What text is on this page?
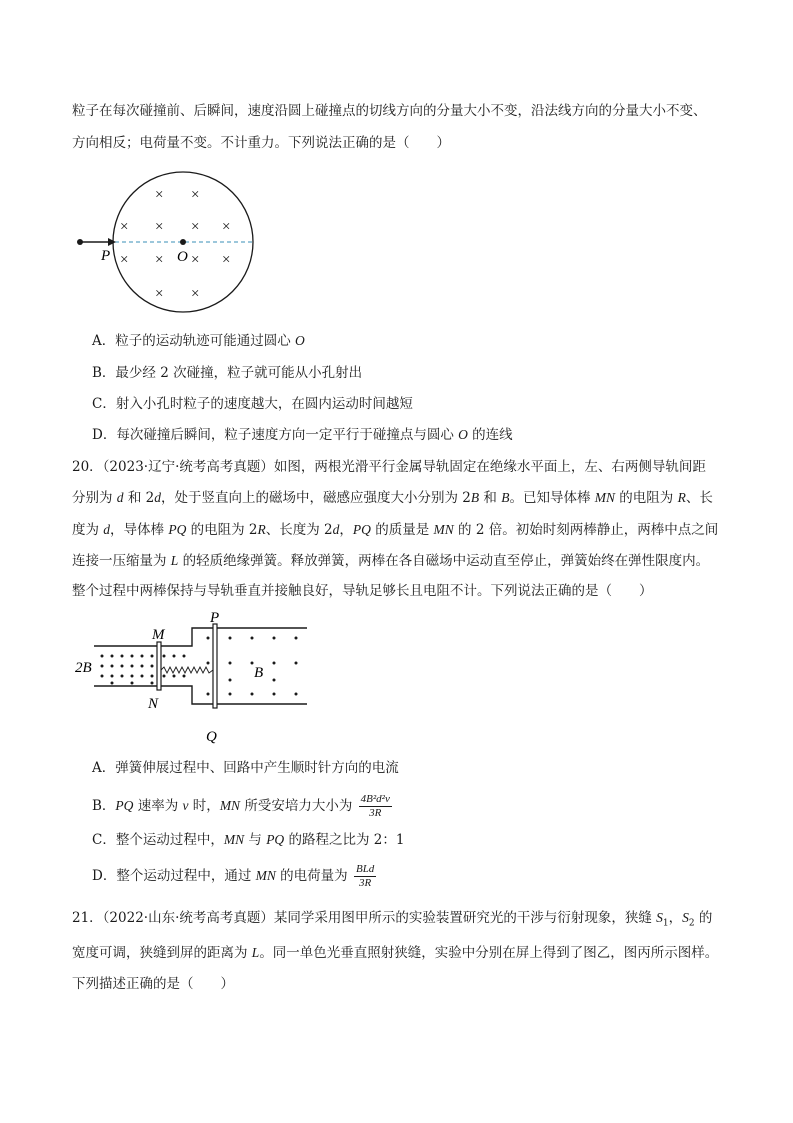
粒子在每次碰撞前、后瞬间，速度沿圆上碰撞点的切线方向的分量大小不变，沿法线方向的分量大小不变、
方向相反；电荷量不变。不计重力。下列说法正确的是（　　）
P	O
× ×
× × × ×
× × × ×
× ×
A．粒子的运动轨迹可能通过圆心 O
B．最少经 2 次碰撞，粒子就可能从小孔射出
C．射入小孔时粒子的速度越大，在圆内运动时间越短
D．每次碰撞后瞬间，粒子速度方向一定平行于碰撞点与圆心 O 的连线
20．（2023·辽宁·统考高考真题）如图，两根光滑平行金属导轨固定在绝缘水平面上，左、右两侧导轨间距
分别为 d 和 2d，处于竖直向上的磁场中，磁感应强度大小分别为 2B 和 B。已知导体棒 MN 的电阻为 R、长
度为 d，导体棒 PQ 的电阻为 2R、长度为 2d，PQ 的质量是 MN 的 2 倍。初始时刻两棒静止，两棒中点之间
连接一压缩量为 L 的轻质绝缘弹簧。释放弹簧，两棒在各自磁场中运动直至停止，弹簧始终在弹性限度内。
整个过程中两棒保持与导轨垂直并接触良好，导轨足够长且电阻不计。下列说法正确的是（　　）
P
Q
M
N
2B	B
A．弹簧伸展过程中、回路中产生顺时针方向的电流
B．PQ 速率为 v 时，MN 所受安培力大小为 $\frac{\text{4B²d²v}}{3R}$
C．整个运动过程中，MN 与 PQ 的路程之比为 2：1
D．整个运动过程中，通过 MN 的电荷量为 $\frac{\text{BLd}}{3R}$
21．（2022·山东·统考高考真题）某同学采用图甲所示的实验装置研究光的干涉与衍射现象，狭缝 $S_1$，$S_2$ 的
宽度可调，狭缝到屏的距离为 L。同一单色光垂直照射狭缝，实验中分别在屏上得到了图乙，图丙所示图样。
下列描述正确的是（　　）
